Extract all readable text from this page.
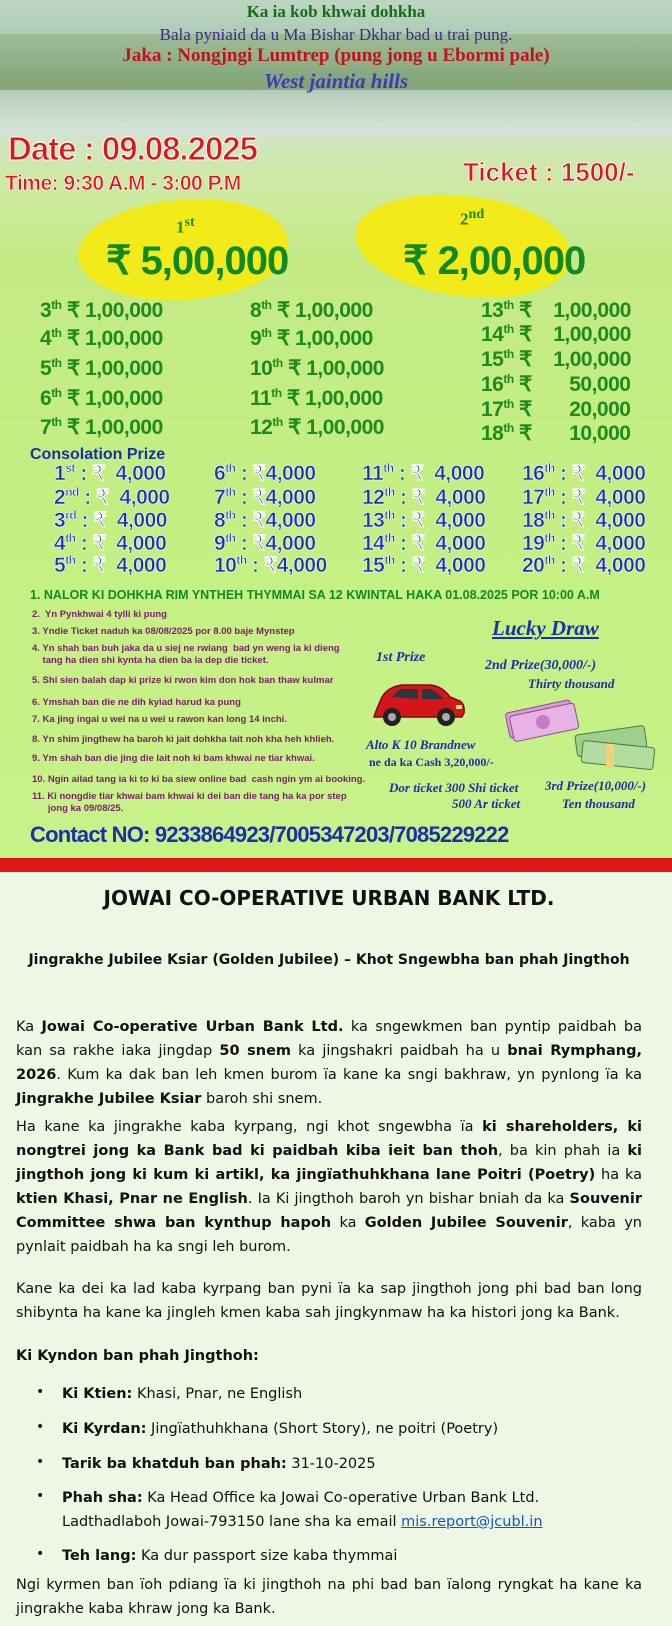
Ka ia kob khwai dohkha
Bala pyniaid da u Ma Bishar Dkhar bad u trai pung.
Jaka : Nongjngi Lumtrep (pung jong u Ebormi pale)
West jaintia hills
Date : 09.08.2025
Time: 9:30 A.M - 3:00 P.M	Ticket : 1500/-
1st
₹ 5,00,000
2nd
₹ 2,00,000
3th ₹ 1,00,000
4th ₹ 1,00,000
5th ₹ 1,00,000
6th ₹ 1,00,000
7th ₹ 1,00,000
8th ₹ 1,00,000
9th ₹ 1,00,000
10th ₹ 1,00,000
11th ₹ 1,00,000
12th ₹ 1,00,000
13th ₹    1,00,000
14th ₹    1,00,000
15th ₹    1,00,000
16th ₹       50,000
17th ₹       20,000
18th ₹       10,000
Consolation Prize
1st : ₹  4,000
2nd : ₹  4,000
3rd : ₹  4,000
4th : ₹  4,000
5th : ₹  4,000
6th : ₹4,000
7th : ₹4,000
8th : ₹4,000
9th : ₹4,000
10th : ₹4,000
11th : ₹  4,000
12th : ₹  4,000
13th : ₹  4,000
14th : ₹  4,000
15th : ₹  4,000
16th : ₹  4,000
17th : ₹  4,000
18th : ₹  4,000
19th : ₹  4,000
20th : ₹  4,000
1. NALOR KI DOHKHA RIM YNTHEH THYMMAI SA 12 KWINTAL HAKA 01.08.2025 POR 10:00 A.M
2.  Yn Pynkhwai 4 tylli ki pung
3. Yndie Ticket naduh ka 08/08/2025 por 8.00 baje Mynstep
4. Yn shah ban buh jaka da u siej ne rwiang  bad yn weng ia ki dieng
tang ha dien shi kynta ha dien ba la dep die ticket.
5. Shi sien balah dap ki prize ki rwon kim don hok ban thaw kulmar
6. Ymshah ban die ne dih kyiad harud ka pung
7. Ka jing ingai u wei na u wei u rawon kan long 14 inchi.
8. Yn shim jingthew ha baroh ki jait dohkha lait noh kha heh khlieh.
9. Ym shah ban die jing die lait noh ki bam khwai ne tiar khwai.
10. Ngin ailad tang ia ki to ki ba siew online bad  cash ngin ym ai booking.
11. Ki nongdie tiar khwai bam khwai ki dei ban die tang ha ka por step
jong ka 09/08/25.
Lucky Draw
1st Prize
Alto K 10 Brandnew
ne da ka Cash 3,20,000/-
2nd Prize(30,000/-)
Thirty thousand
Dor ticket 300 Shi ticket
500 Ar ticket
3rd Prize(10,000/-)
Ten thousand
Contact NO: 9233864923/7005347203/7085229222
JOWAI CO-OPERATIVE URBAN BANK LTD.
Jingrakhe Jubilee Ksiar (Golden Jubilee) – Khot Sngewbha ban phah Jingthoh
Ka Jowai Co-operative Urban Bank Ltd. ka sngewkmen ban pyntip paidbah ba kan sa rakhe iaka jingdap 50 snem ka jingshakri paidbah ha u bnai Rymphang, 2026. Kum ka dak ban leh kmen burom ïa kane ka sngi bakhraw, yn pynlong ïa ka Jingrakhe Jubilee Ksiar baroh shi snem.
Ha kane ka jingrakhe kaba kyrpang, ngi khot sngewbha ïa ki shareholders, ki nongtrei jong ka Bank bad ki paidbah kiba ieit ban thoh, ba kin phah ia ki jingthoh jong ki kum ki artikl, ka jingïathuhkhana lane Poitri (Poetry) ha ka ktien Khasi, Pnar ne English. Ia Ki jingthoh baroh yn bishar bniah da ka Souvenir Committee shwa ban kynthup hapoh ka Golden Jubilee Souvenir, kaba yn pynlait paidbah ha ka sngi leh burom.
Kane ka dei ka lad kaba kyrpang ban pyni ïa ka sap jingthoh jong phi bad ban long shibynta ha kane ka jingleh kmen kaba sah jingkynmaw ha ka histori jong ka Bank.
Ki Kyndon ban phah Jingthoh:
• Ki Ktien: Khasi, Pnar, ne English
• Ki Kyrdan: Jingïathuhkhana (Short Story), ne poitri (Poetry)
• Tarik ba khatduh ban phah: 31-10-2025
• Phah sha: Ka Head Office ka Jowai Co-operative Urban Bank Ltd. Ladthadlaboh Jowai-793150 lane sha ka email mis.report@jcubl.in
• Teh lang: Ka dur passport size kaba thymmai
Ngi kyrmen ban ïoh pdiang ïa ki jingthoh na phi bad ban ïalong ryngkat ha kane ka jingrakhe kaba khraw jong ka Bank.
